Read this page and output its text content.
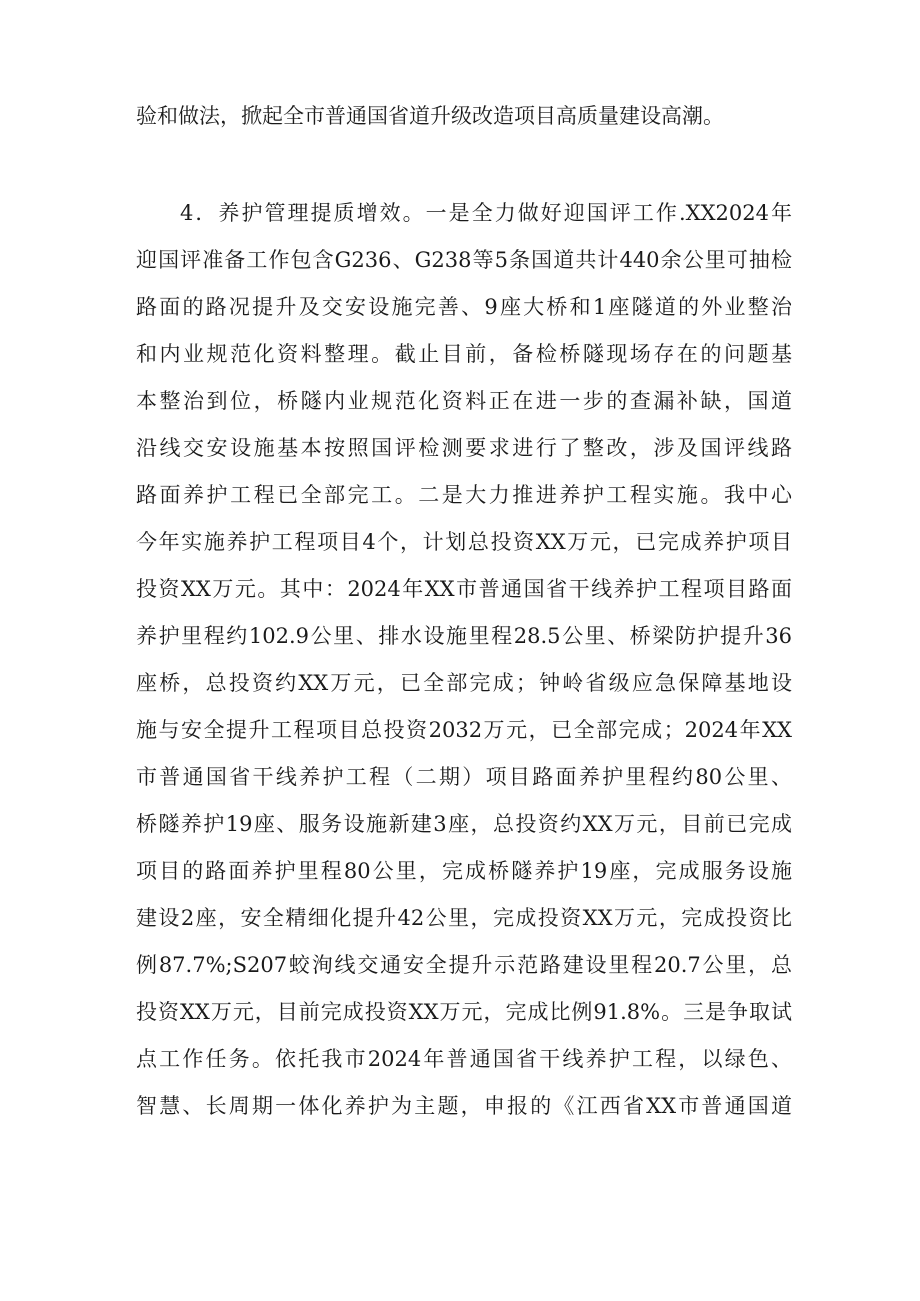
验和做法，掀起全市普通国省道升级改造项目高质量建设高潮。
4．养护管理提质增效。一是全力做好迎国评工作.XX2024年
迎国评准备工作包含G236、G238等5条国道共计440余公里可抽检
路面的路况提升及交安设施完善、9座大桥和1座隧道的外业整治
和内业规范化资料整理。截止目前，备检桥隧现场存在的问题基
本整治到位，桥隧内业规范化资料正在进一步的查漏补缺，国道
沿线交安设施基本按照国评检测要求进行了整改，涉及国评线路
路面养护工程已全部完工。二是大力推进养护工程实施。我中心
今年实施养护工程项目4个，计划总投资XX万元，已完成养护项目
投资XX万元。其中：2024年XX市普通国省干线养护工程项目路面
养护里程约102.9公里、排水设施里程28.5公里、桥梁防护提升36
座桥，总投资约XX万元，已全部完成；钟岭省级应急保障基地设
施与安全提升工程项目总投资2032万元，已全部完成；2024年XX
市普通国省干线养护工程（二期）项目路面养护里程约80公里、
桥隧养护19座、服务设施新建3座，总投资约XX万元，目前已完成
项目的路面养护里程80公里，完成桥隧养护19座，完成服务设施
建设2座，安全精细化提升42公里，完成投资XX万元，完成投资比
例87.7%;S207蛟洵线交通安全提升示范路建设里程20.7公里，总
投资XX万元，目前完成投资XX万元，完成比例91.8%。三是争取试
点工作任务。依托我市2024年普通国省干线养护工程，以绿色、
智慧、长周期一体化养护为主题，申报的《江西省XX市普通国道
